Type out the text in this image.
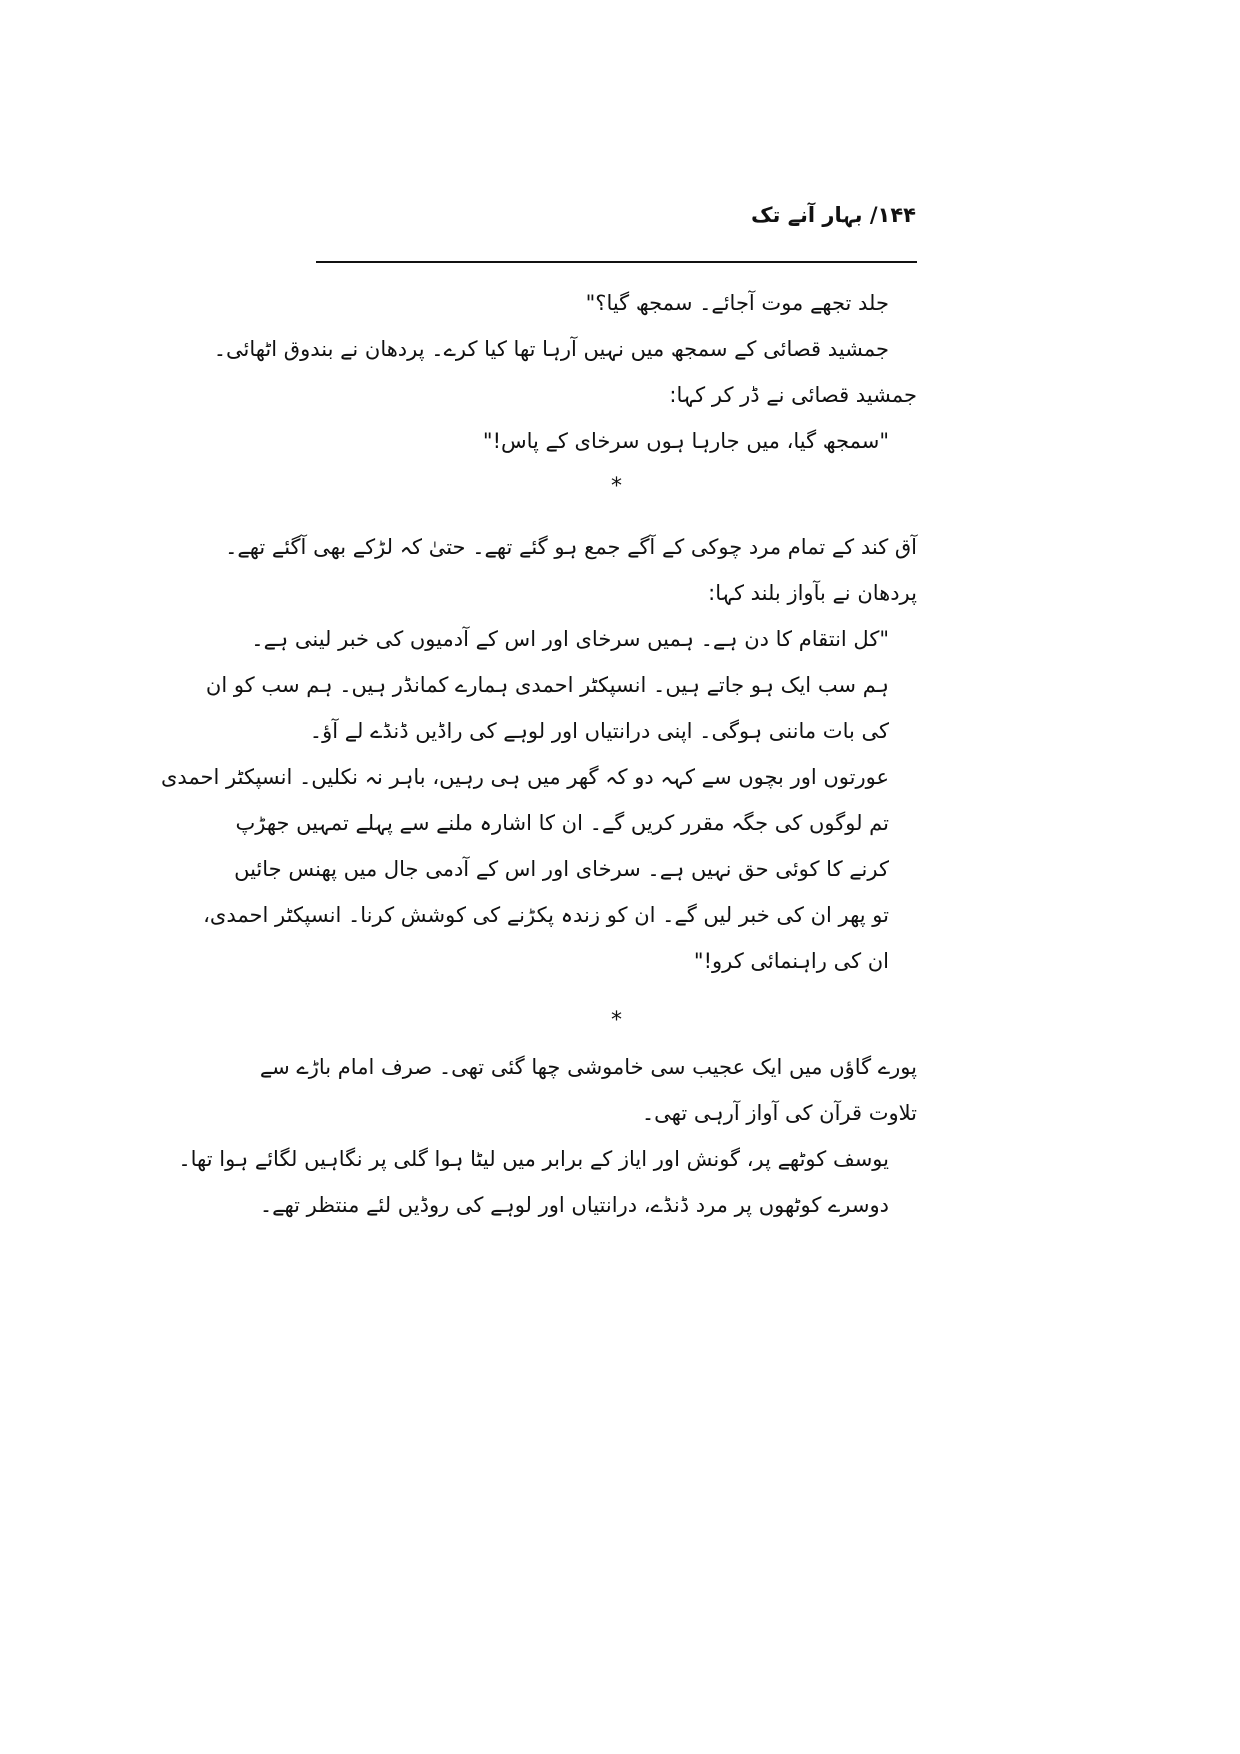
۱۴۴/ بہار آنے تک
جلد تجھے موت آجائے۔ سمجھ گیا؟"
جمشید قصائی کے سمجھ میں نہیں آرہا تھا کیا کرے۔ پردھان نے بندوق اٹھائی۔
جمشید قصائی نے ڈر کر کہا:
"سمجھ گیا، میں جارہا ہوں سرخای کے پاس!"
*
آق کند کے تمام مرد چوکی کے آگے جمع ہو گئے تھے۔ حتیٰ کہ لڑکے بھی آگئے تھے۔
پردھان نے بآواز بلند کہا:
"کل انتقام کا دن ہے۔ ہمیں سرخای اور اس کے آدمیوں کی خبر لینی ہے۔
ہم سب ایک ہو جاتے ہیں۔ انسپکٹر احمدی ہمارے کمانڈر ہیں۔ ہم سب کو ان
کی بات ماننی ہوگی۔ اپنی درانتیاں اور لوہے کی راڈیں ڈنڈے لے آؤ۔
عورتوں اور بچوں سے کہہ دو کہ گھر میں ہی رہیں، باہر نہ نکلیں۔ انسپکٹر احمدی
تم لوگوں کی جگہ مقرر کریں گے۔ ان کا اشارہ ملنے سے پہلے تمہیں جھڑپ
کرنے کا کوئی حق نہیں ہے۔ سرخای اور اس کے آدمی جال میں پھنس جائیں
تو پھر ان کی خبر لیں گے۔ ان کو زندہ پکڑنے کی کوشش کرنا۔ انسپکٹر احمدی،
ان کی راہنمائی کرو!"
*
پورے گاؤں میں ایک عجیب سی خاموشی چھا گئی تھی۔ صرف امام باڑے سے
تلاوت قرآن کی آواز آرہی تھی۔
یوسف کوٹھے پر، گونش اور ایاز کے برابر میں لیٹا ہوا گلی پر نگاہیں لگائے ہوا تھا۔
دوسرے کوٹھوں پر مرد ڈنڈے، درانتیاں اور لوہے کی روڈیں لئے منتظر تھے۔
